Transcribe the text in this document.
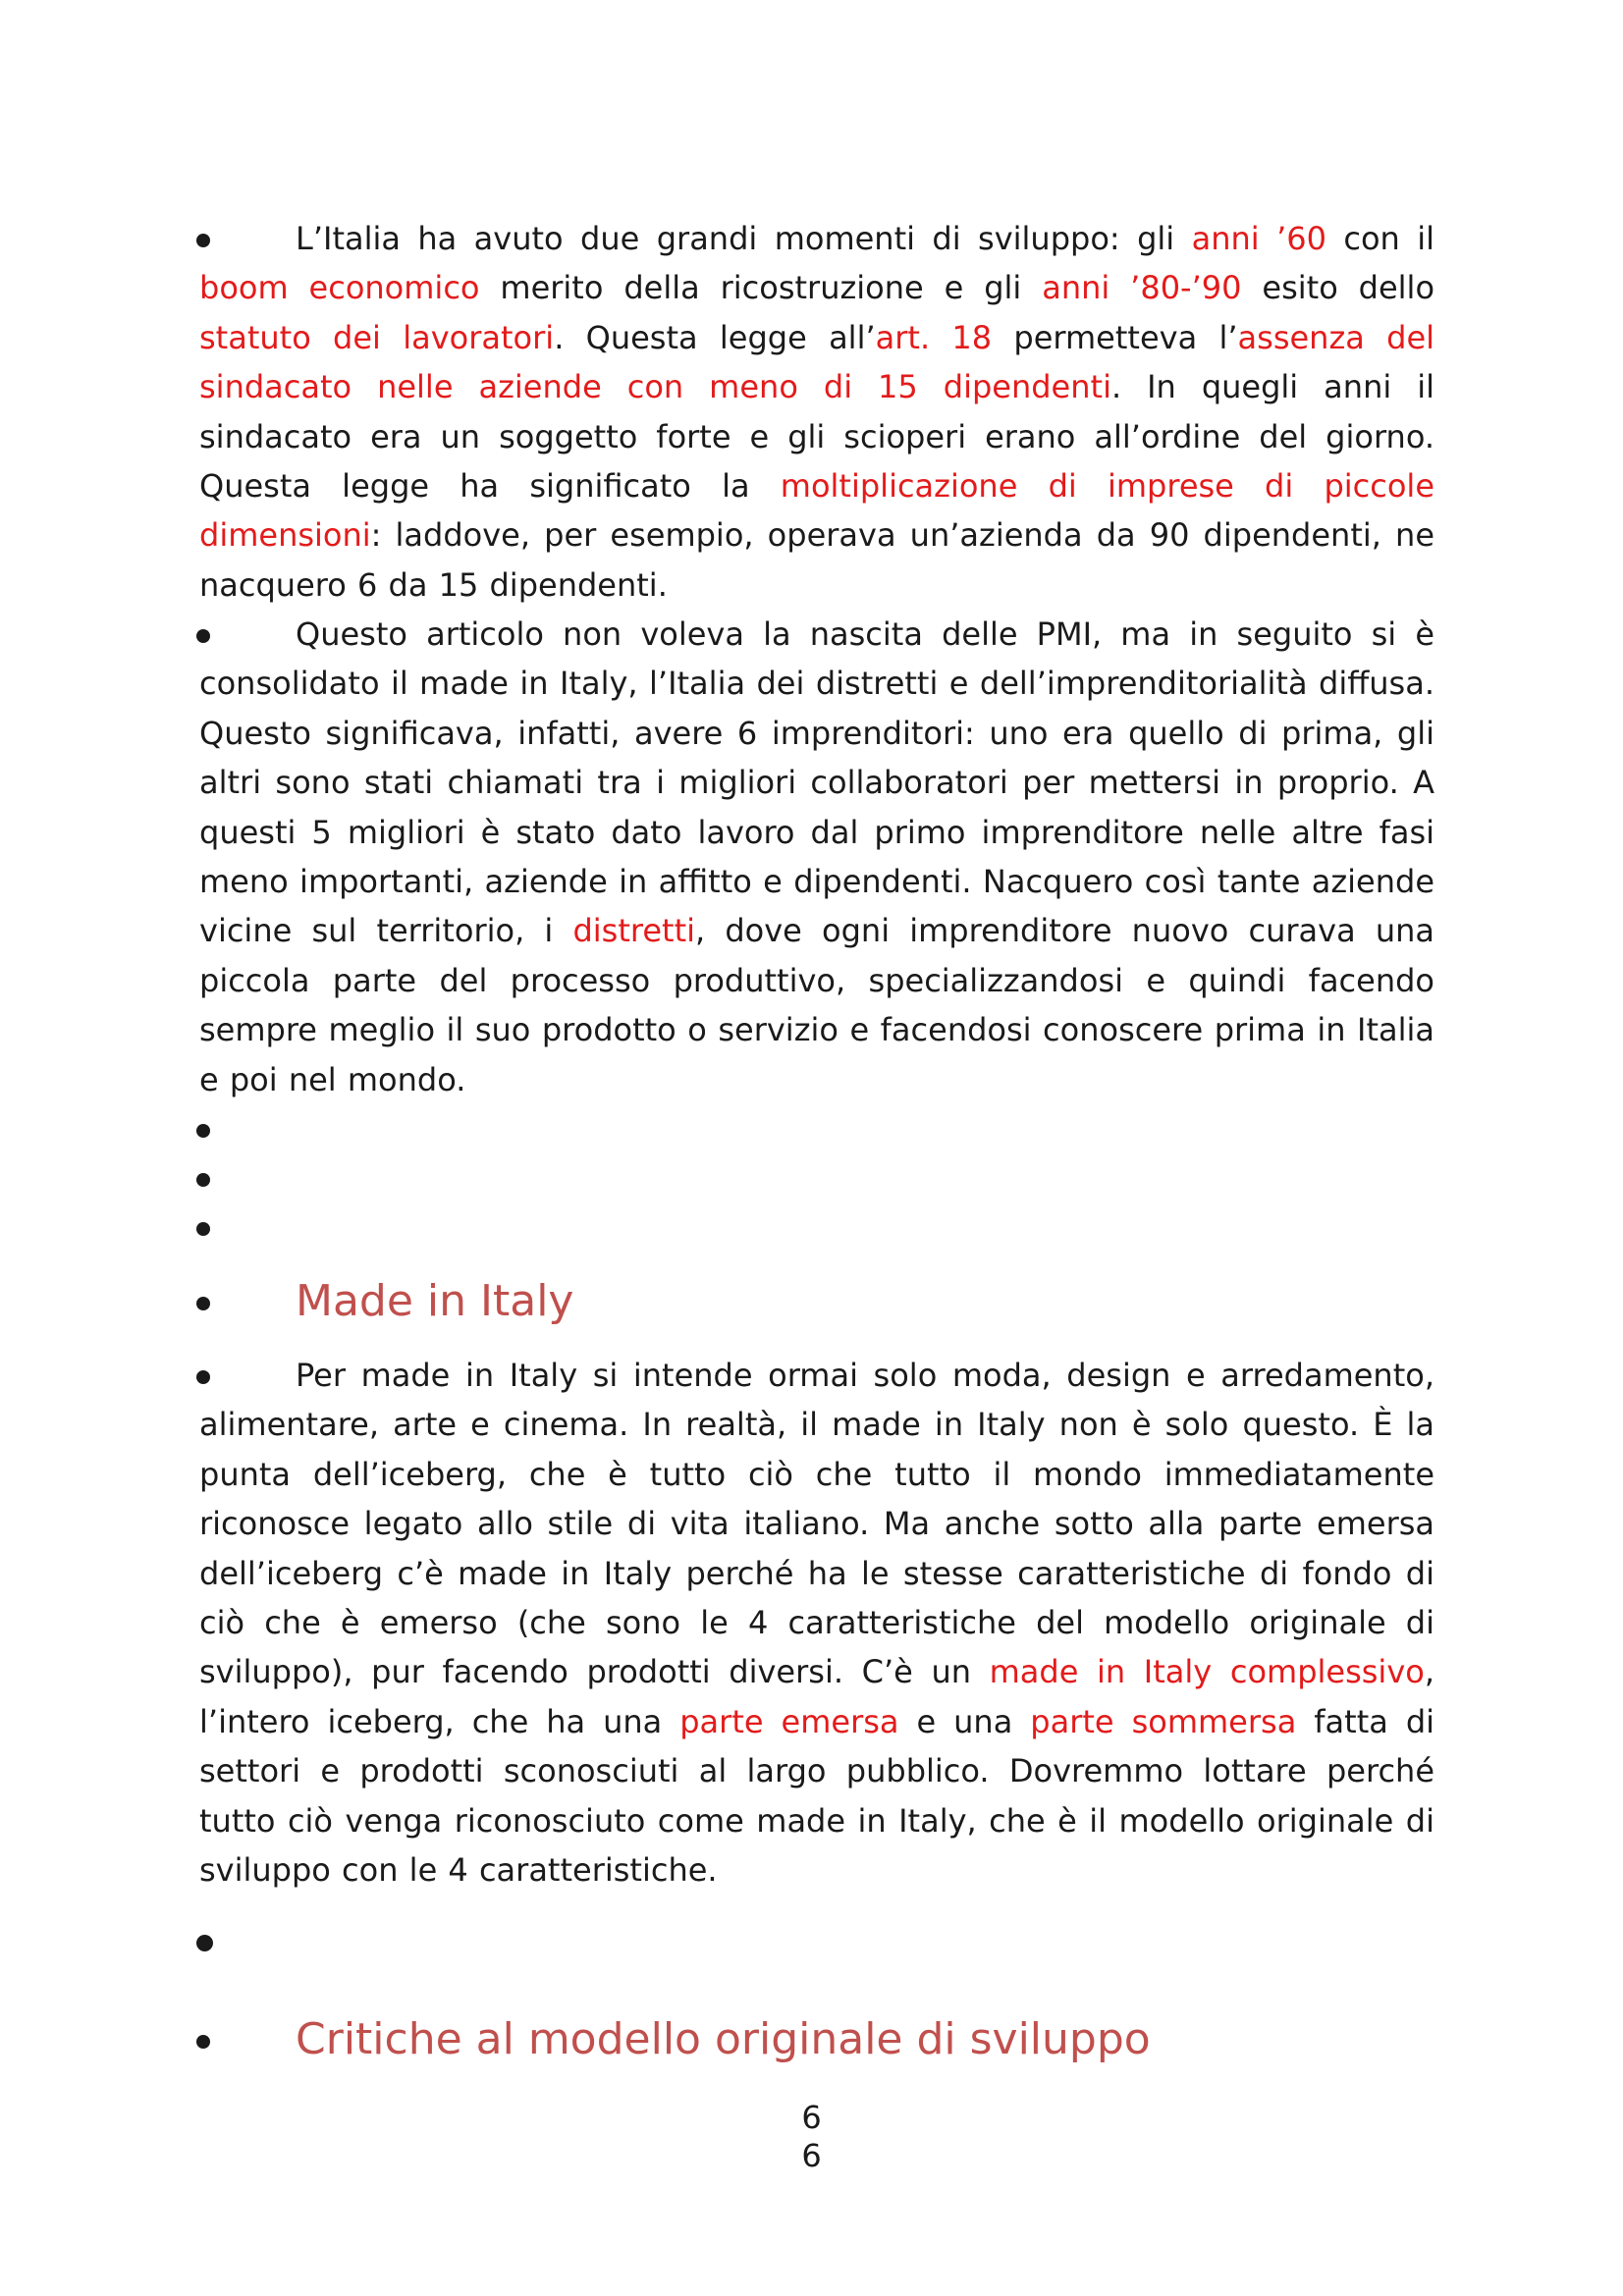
L’Italia ha avuto due grandi momenti di sviluppo: gli anni ’60 con il boom economico merito della ricostruzione e gli anni ’80-’90 esito dello statuto dei lavoratori. Questa legge all’art. 18 permetteva l’assenza del sindacato nelle aziende con meno di 15 dipendenti. In quegli anni il sindacato era un soggetto forte e gli scioperi erano all’ordine del giorno. Questa legge ha significato la moltiplicazione di imprese di piccole dimensioni: laddove, per esempio, operava un’azienda da 90 dipendenti, ne nacquero 6 da 15 dipendenti.
Questo articolo non voleva la nascita delle PMI, ma in seguito si è consolidato il made in Italy, l’Italia dei distretti e dell’imprenditorialità diffusa. Questo significava, infatti, avere 6 imprenditori: uno era quello di prima, gli altri sono stati chiamati tra i migliori collaboratori per mettersi in proprio. A questi 5 migliori è stato dato lavoro dal primo imprenditore nelle altre fasi meno importanti, aziende in affitto e dipendenti. Nacquero così tante aziende vicine sul territorio, i distretti, dove ogni imprenditore nuovo curava una piccola parte del processo produttivo, specializzandosi e quindi facendo sempre meglio il suo prodotto o servizio e facendosi conoscere prima in Italia e poi nel mondo.
Made in Italy
Per made in Italy si intende ormai solo moda, design e arredamento, alimentare, arte e cinema. In realtà, il made in Italy non è solo questo. È la punta dell’iceberg, che è tutto ciò che tutto il mondo immediatamente riconosce legato allo stile di vita italiano. Ma anche sotto alla parte emersa dell’iceberg c’è made in Italy perché ha le stesse caratteristiche di fondo di ciò che è emerso (che sono le 4 caratteristiche del modello originale di sviluppo), pur facendo prodotti diversi. C’è un made in Italy complessivo, l’intero iceberg, che ha una parte emersa e una parte sommersa fatta di settori e prodotti sconosciuti al largo pubblico. Dovremmo lottare perché tutto ciò venga riconosciuto come made in Italy, che è il modello originale di sviluppo con le 4 caratteristiche.
Critiche al modello originale di sviluppo
6
6
